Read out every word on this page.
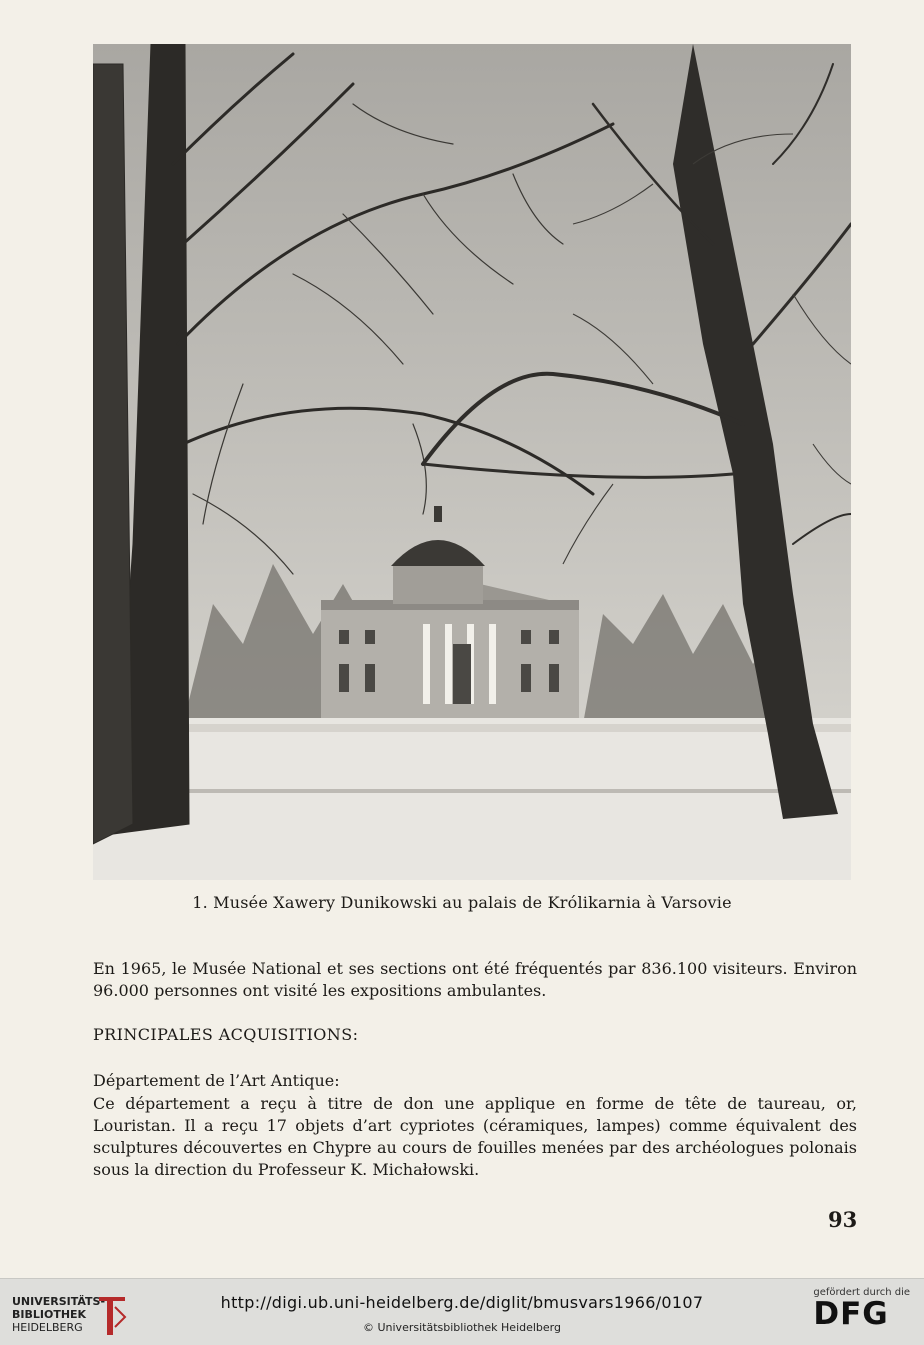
1. Musée Xawery Dunikowski au palais de Królikarnia à Varsovie
En 1965, le Musée National et ses sections ont été fréquentés par 836.100 visiteurs. Environ 96.000 personnes ont visité les expositions ambulantes.
PRINCIPALES ACQUISITIONS:
Département de l’Art Antique:
Ce département a reçu à titre de don une applique en forme de tête de taureau, or, Louristan. Il a reçu 17 objets d’art cypriotes (céramiques, lampes) comme équivalent des sculptures découvertes en Chypre au cours de fouilles menées par des archéologues polonais sous la direction du Professeur K. Michałowski.
93
UNIVERSITÄTS-
BIBLIOTHEK
HEIDELBERG
http://digi.ub.uni-heidelberg.de/diglit/bmusvars1966/0107
© Universitätsbibliothek Heidelberg
gefördert durch die
DFG
